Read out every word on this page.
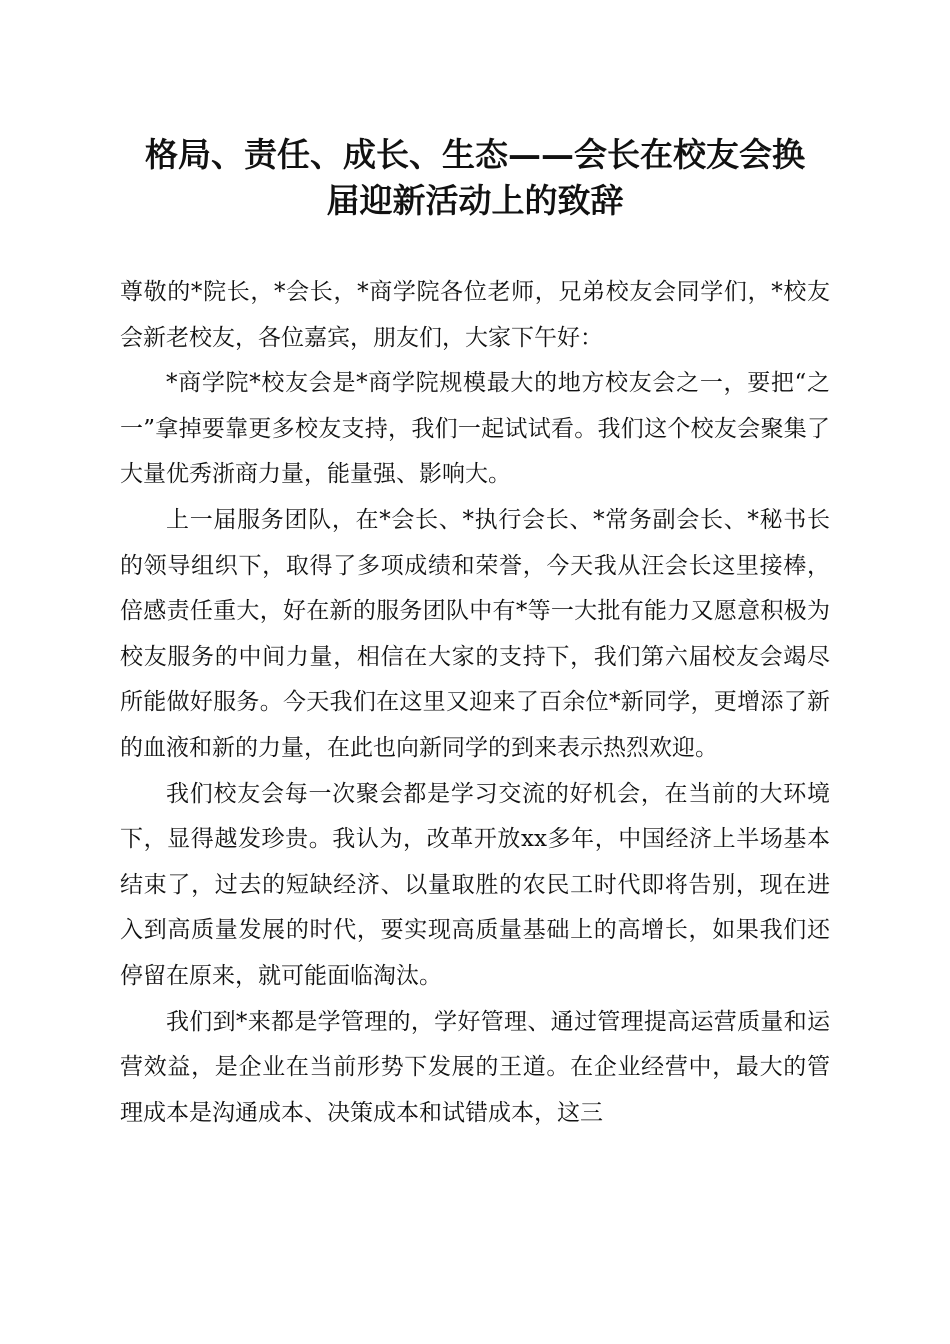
格局、责任、成长、生态——会长在校友会换
届迎新活动上的致辞

尊敬的*院长，*会长，*商学院各位老师，兄弟校友会同学们，*校友会新老校友，各位嘉宾，朋友们，大家下午好：

*商学院*校友会是*商学院规模最大的地方校友会之一，要把“之一”拿掉要靠更多校友支持，我们一起试试看。我们这个校友会聚集了大量优秀浙商力量，能量强、影响大。

上一届服务团队，在*会长、*执行会长、*常务副会长、*秘书长的领导组织下，取得了多项成绩和荣誉，今天我从汪会长这里接棒，倍感责任重大，好在新的服务团队中有*等一大批有能力又愿意积极为校友服务的中间力量，相信在大家的支持下，我们第六届校友会竭尽所能做好服务。今天我们在这里又迎来了百余位*新同学，更增添了新的血液和新的力量，在此也向新同学的到来表示热烈欢迎。

我们校友会每一次聚会都是学习交流的好机会，在当前的大环境下，显得越发珍贵。我认为，改革开放xx多年，中国经济上半场基本结束了，过去的短缺经济、以量取胜的农民工时代即将告别，现在进入到高质量发展的时代，要实现高质量基础上的高增长，如果我们还停留在原来，就可能面临淘汰。

我们到*来都是学管理的，学好管理、通过管理提高运营质量和运营效益，是企业在当前形势下发展的王道。在企业经营中，最大的管理成本是沟通成本、决策成本和试错成本，这三
